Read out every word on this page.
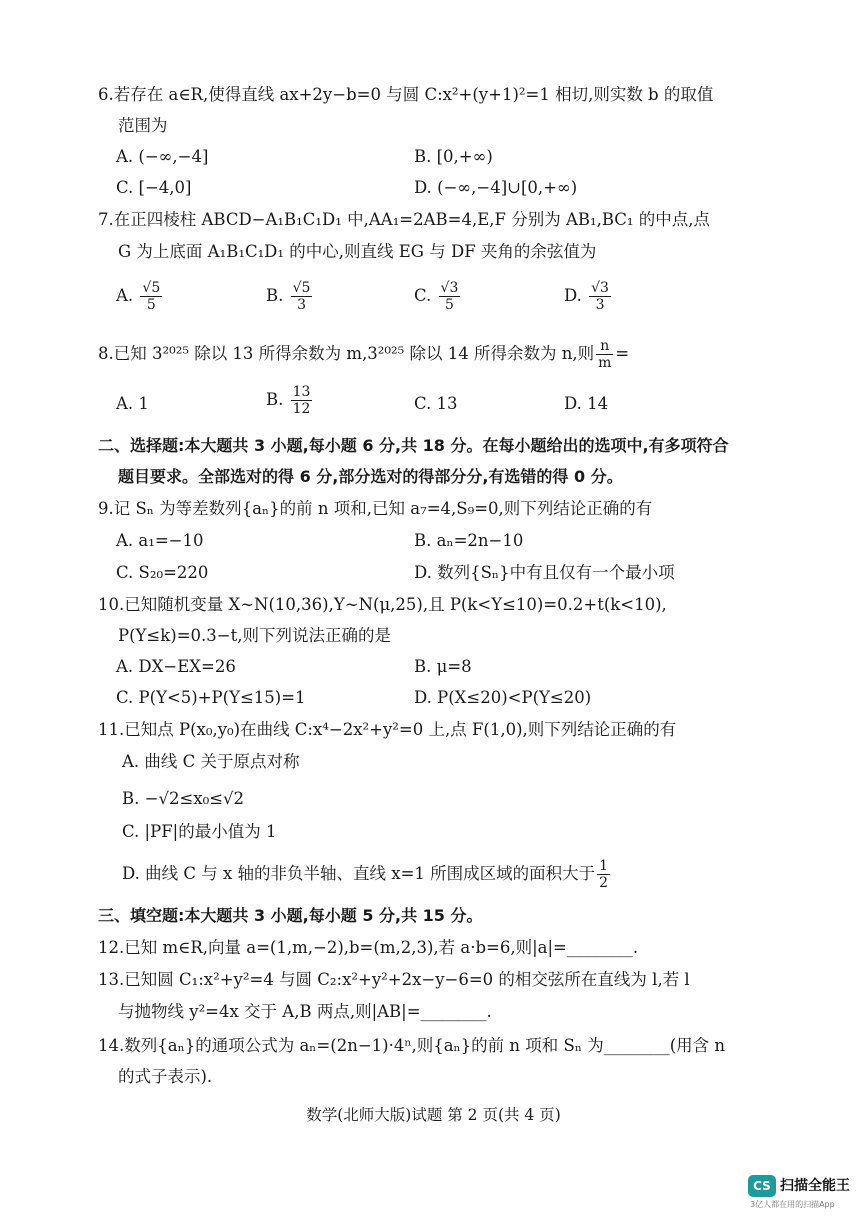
6.若存在 a∈R,使得直线 ax+2y−b=0 与圆 C:x²+(y+1)²=1 相切,则实数 b 的取值
范围为
A. (−∞,−4]	B. [0,+∞)
C. [−4,0]	D. (−∞,−4]∪[0,+∞)
7.在正四棱柱 ABCD−A₁B₁C₁D₁ 中,AA₁=2AB=4,E,F 分别为 AB₁,BC₁ 的中点,点
G 为上底面 A₁B₁C₁D₁ 的中心,则直线 EG 与 DF 夹角的余弦值为
A. $\frac{√5}{5}$	B. $\frac{√5}{3}$	C. $\frac{√3}{5}$	D. $\frac{√3}{3}$
8.已知 3²⁰²⁵ 除以 13 所得余数为 m,3²⁰²⁵ 除以 14 所得余数为 n,则 $\frac{n}{m}$ =
A. 1	B. $\frac{13}{12}$	C. 13	D. 14
二、选择题:本大题共 3 小题,每小题 6 分,共 18 分。在每小题给出的选项中,有多项符合
题目要求。全部选对的得 6 分,部分选对的得部分分,有选错的得 0 分。
9.记 Sₙ 为等差数列{aₙ}的前 n 项和,已知 a₇=4,S₉=0,则下列结论正确的有
A. a₁=−10	B. aₙ=2n−10
C. S₂₀=220	D. 数列{Sₙ}中有且仅有一个最小项
10.已知随机变量 X∼N(10,36),Y∼N(μ,25),且 P(k<Y≤10)=0.2+t(k<10),
P(Y≤k)=0.3−t,则下列说法正确的是
A. DX−EX=26	B. μ=8
C. P(Y<5)+P(Y≤15)=1	D. P(X≤20)<P(Y≤20)
11.已知点 P(x₀,y₀)在曲线 C:x⁴−2x²+y²=0 上,点 F(1,0),则下列结论正确的有
A. 曲线 C 关于原点对称
B. −√2≤x₀≤√2
C. |PF|的最小值为 1
D. 曲线 C 与 x 轴的非负半轴、直线 x=1 所围成区域的面积大于 $\frac{1}{2}$
三、填空题:本大题共 3 小题,每小题 5 分,共 15 分。
12.已知 m∈R,向量 a=(1,m,−2),b=(m,2,3),若 a·b=6,则|a|=________.
13.已知圆 C₁:x²+y²=4 与圆 C₂:x²+y²+2x−y−6=0 的相交弦所在直线为 l,若 l
与抛物线 y²=4x 交于 A,B 两点,则|AB|=________.
14.数列{aₙ}的通项公式为 aₙ=(2n−1)·4ⁿ,则{aₙ}的前 n 项和 Sₙ 为________(用含 n
的式子表示).
数学(北师大版)试题 第 2 页(共 4 页)
CS 扫描全能王
3亿人都在用的扫描App
